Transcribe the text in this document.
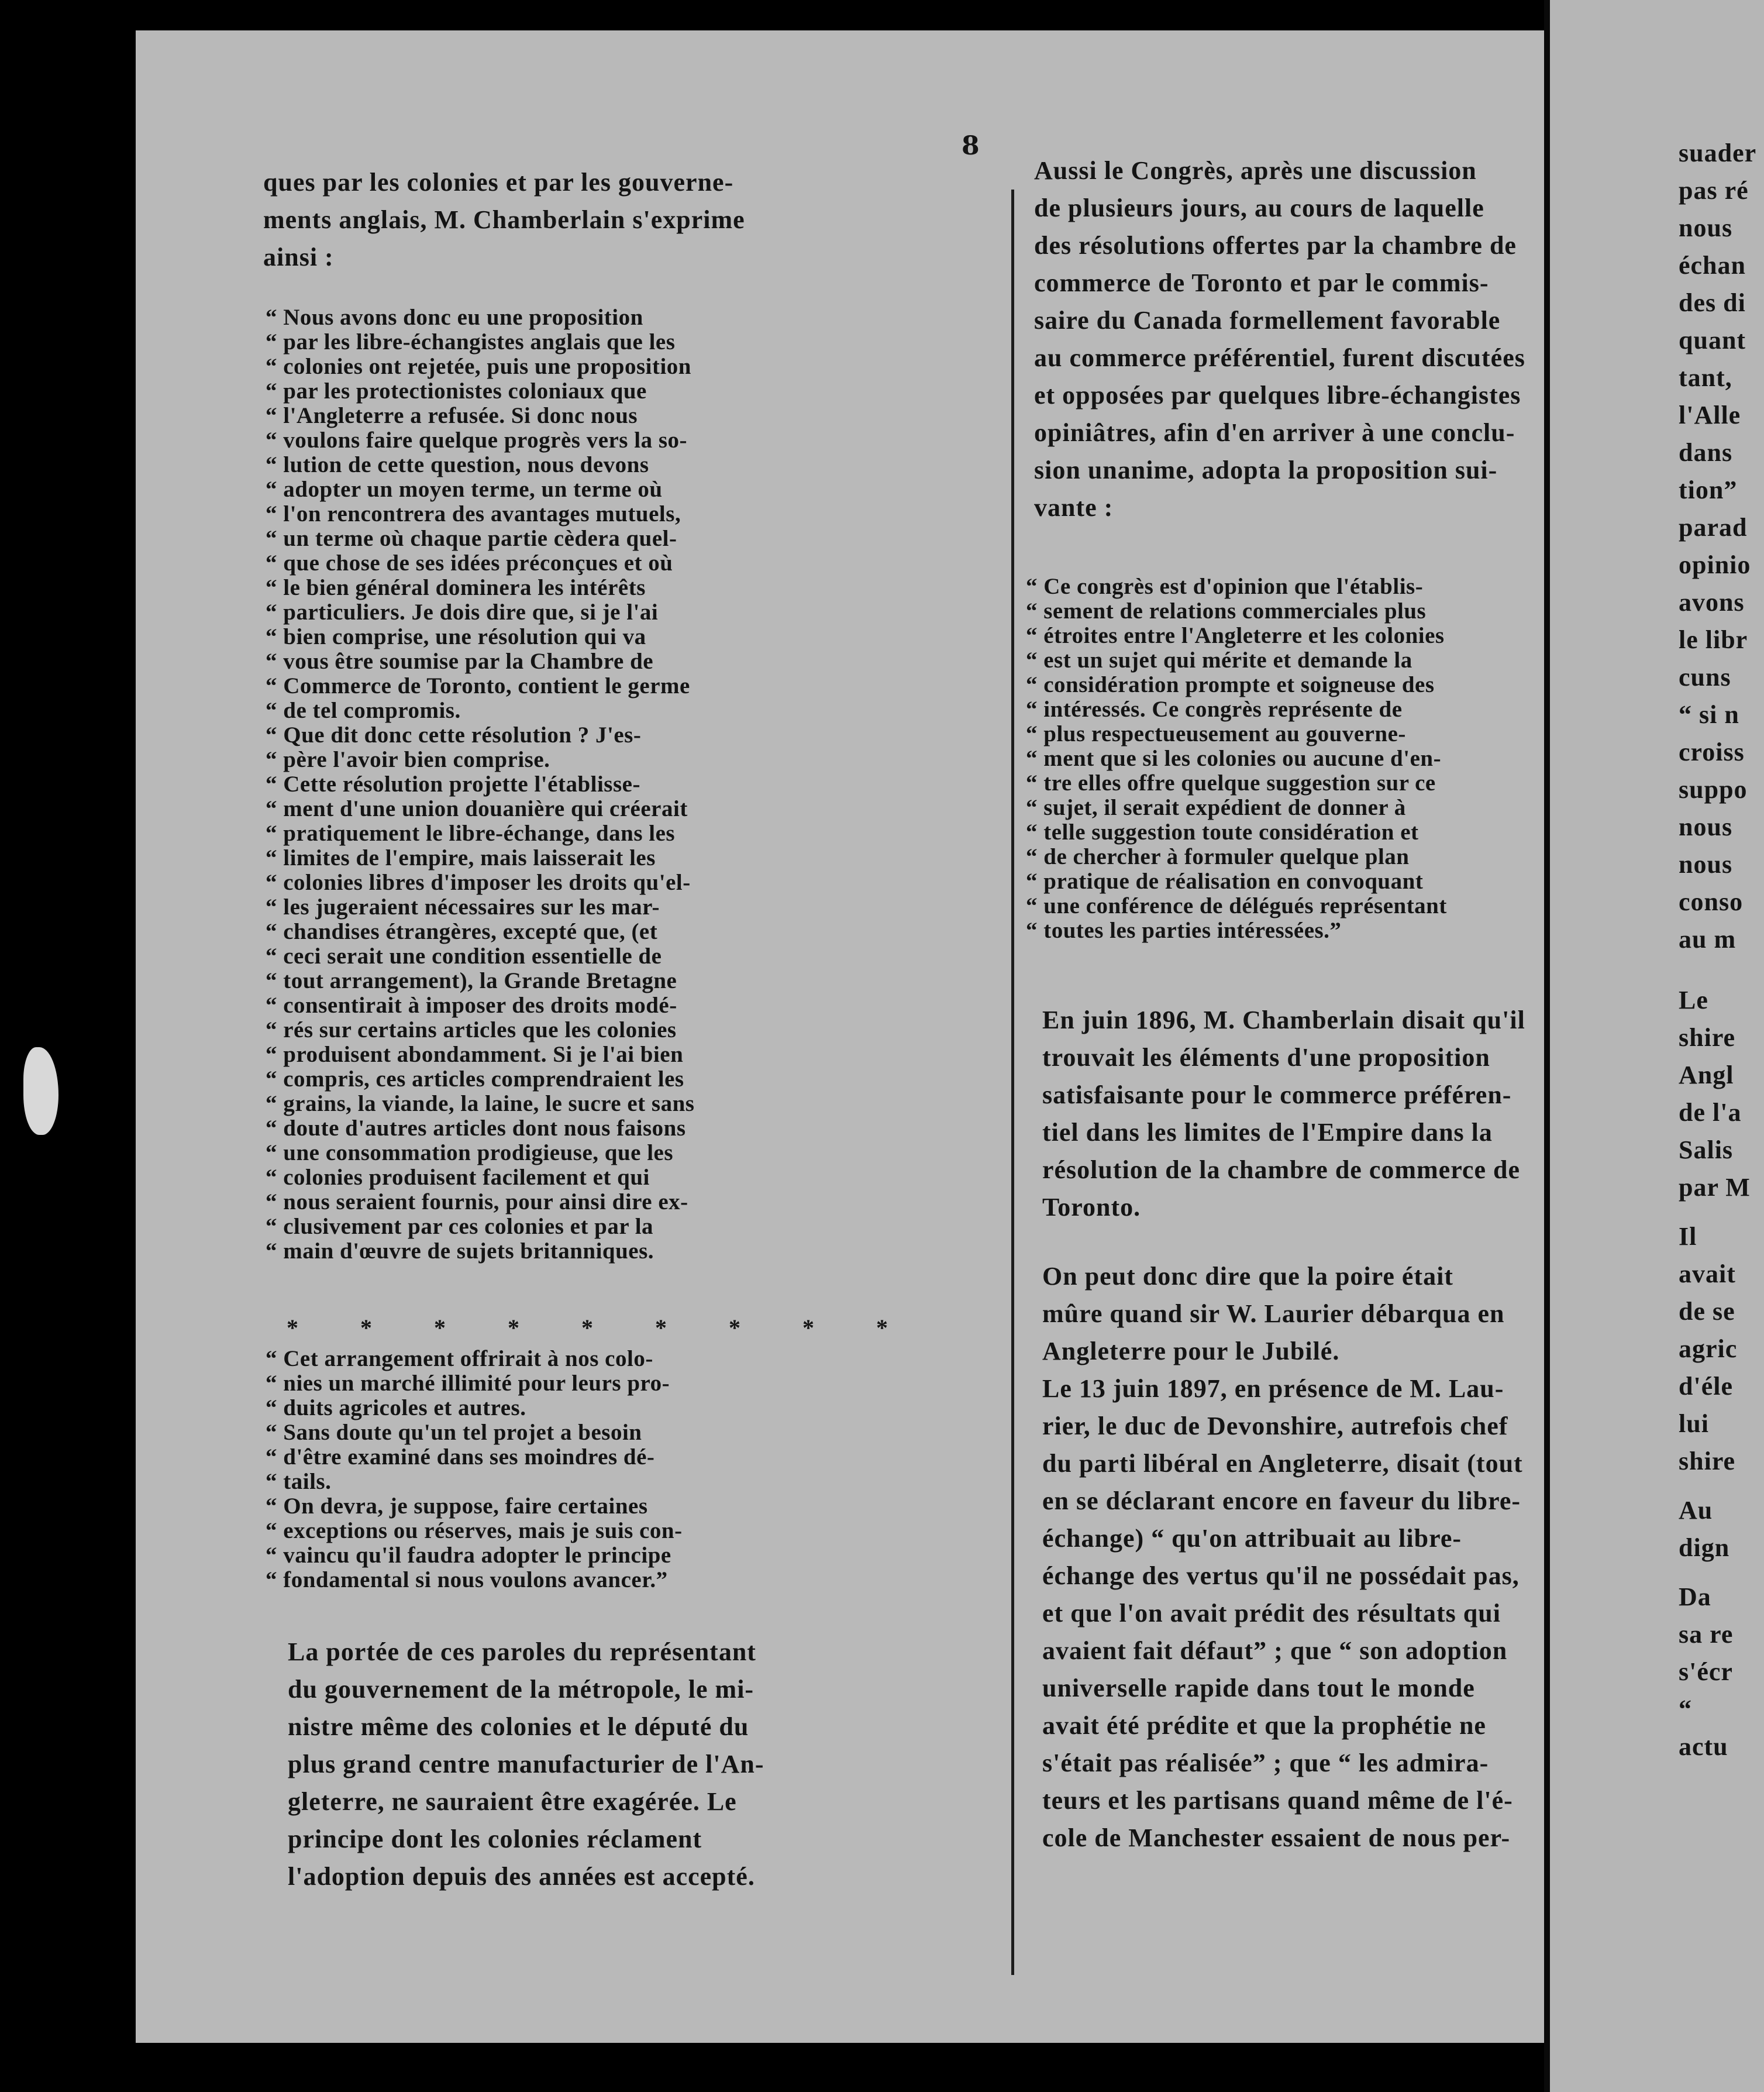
8
ques par les colonies et par les gouverne-
ments anglais, M. Chamberlain s'exprime
ainsi :
“ Nous avons donc eu une proposition
“ par les libre-échangistes anglais que les
“ colonies ont rejetée, puis une proposition
“ par les protectionistes coloniaux que
“ l'Angleterre a refusée. Si donc nous
“ voulons faire quelque progrès vers la so-
“ lution de cette question, nous devons
“ adopter un moyen terme, un terme où
“ l'on rencontrera des avantages mutuels,
“ un terme où chaque partie cèdera quel-
“ que chose de ses idées préconçues et où
“ le bien général dominera les intérêts
“ particuliers. Je dois dire que, si je l'ai
“ bien comprise, une résolution qui va
“ vous être soumise par la Chambre de
“ Commerce de Toronto, contient le germe
“ de tel compromis.
“ Que dit donc cette résolution ? J'es-
“ père l'avoir bien comprise.
“ Cette résolution projette l'établisse-
“ ment d'une union douanière qui créerait
“ pratiquement le libre-échange, dans les
“ limites de l'empire, mais laisserait les
“ colonies libres d'imposer les droits qu'el-
“ les jugeraient nécessaires sur les mar-
“ chandises étrangères, excepté que, (et
“ ceci serait une condition essentielle de
“ tout arrangement), la Grande Bretagne
“ consentirait à imposer des droits modé-
“ rés sur certains articles que les colonies
“ produisent abondamment. Si je l'ai bien
“ compris, ces articles comprendraient les
“ grains, la viande, la laine, le sucre et sans
“ doute d'autres articles dont nous faisons
“ une consommation prodigieuse, que les
“ colonies produisent facilement et qui
“ nous seraient fournis, pour ainsi dire ex-
“ clusivement par ces colonies et par la
“ main d'œuvre de sujets britanniques.
* * * * * * * * *
“ Cet arrangement offrirait à nos colo-
“ nies un marché illimité pour leurs pro-
“ duits agricoles et autres.
“ Sans doute qu'un tel projet a besoin
“ d'être examiné dans ses moindres dé-
“ tails.
“ On devra, je suppose, faire certaines
“ exceptions ou réserves, mais je suis con-
“ vaincu qu'il faudra adopter le principe
“ fondamental si nous voulons avancer.”
La portée de ces paroles du représentant
du gouvernement de la métropole, le mi-
nistre même des colonies et le député du
plus grand centre manufacturier de l'An-
gleterre, ne sauraient être exagérée. Le
principe dont les colonies réclament
l'adoption depuis des années est accepté.
Aussi le Congrès, après une discussion
de plusieurs jours, au cours de laquelle
des résolutions offertes par la chambre de
commerce de Toronto et par le commis-
saire du Canada formellement favorable
au commerce préférentiel, furent discutées
et opposées par quelques libre-échangistes
opiniâtres, afin d'en arriver à une conclu-
sion unanime, adopta la proposition sui-
vante :
“ Ce congrès est d'opinion que l'établis-
“ sement de relations commerciales plus
“ étroites entre l'Angleterre et les colonies
“ est un sujet qui mérite et demande la
“ considération prompte et soigneuse des
“ intéressés. Ce congrès représente de
“ plus respectueusement au gouverne-
“ ment que si les colonies ou aucune d'en-
“ tre elles offre quelque suggestion sur ce
“ sujet, il serait expédient de donner à
“ telle suggestion toute considération et
“ de chercher à formuler quelque plan
“ pratique de réalisation en convoquant
“ une conférence de délégués représentant
“ toutes les parties intéressées.”
En juin 1896, M. Chamberlain disait qu'il
trouvait les éléments d'une proposition
satisfaisante pour le commerce préféren-
tiel dans les limites de l'Empire dans la
résolution de la chambre de commerce de
Toronto.
On peut donc dire que la poire était
mûre quand sir W. Laurier débarqua en
Angleterre pour le Jubilé.
Le 13 juin 1897, en présence de M. Lau-
rier, le duc de Devonshire, autrefois chef
du parti libéral en Angleterre, disait (tout
en se déclarant encore en faveur du libre-
échange) “ qu'on attribuait au libre-
échange des vertus qu'il ne possédait pas,
et que l'on avait prédit des résultats qui
avaient fait défaut” ; que “ son adoption
universelle rapide dans tout le monde
avait été prédite et que la prophétie ne
s'était pas réalisée” ; que “ les admira-
teurs et les partisans quand même de l'é-
cole de Manchester essaient de nous per-
suader
pas ré
nous
échan
des di
quant
tant,
l'Alle
dans
tion”
parad
opinio
avons
le libr
cuns
“ si n
croiss
suppo
nous
nous
conso
au m
Le
shire
Angl
de l'a
Salis
par M
Il
avait
de se
agric
d'éle
lui
shire
Au
dign
Da
sa re
s'écr
“
actu
